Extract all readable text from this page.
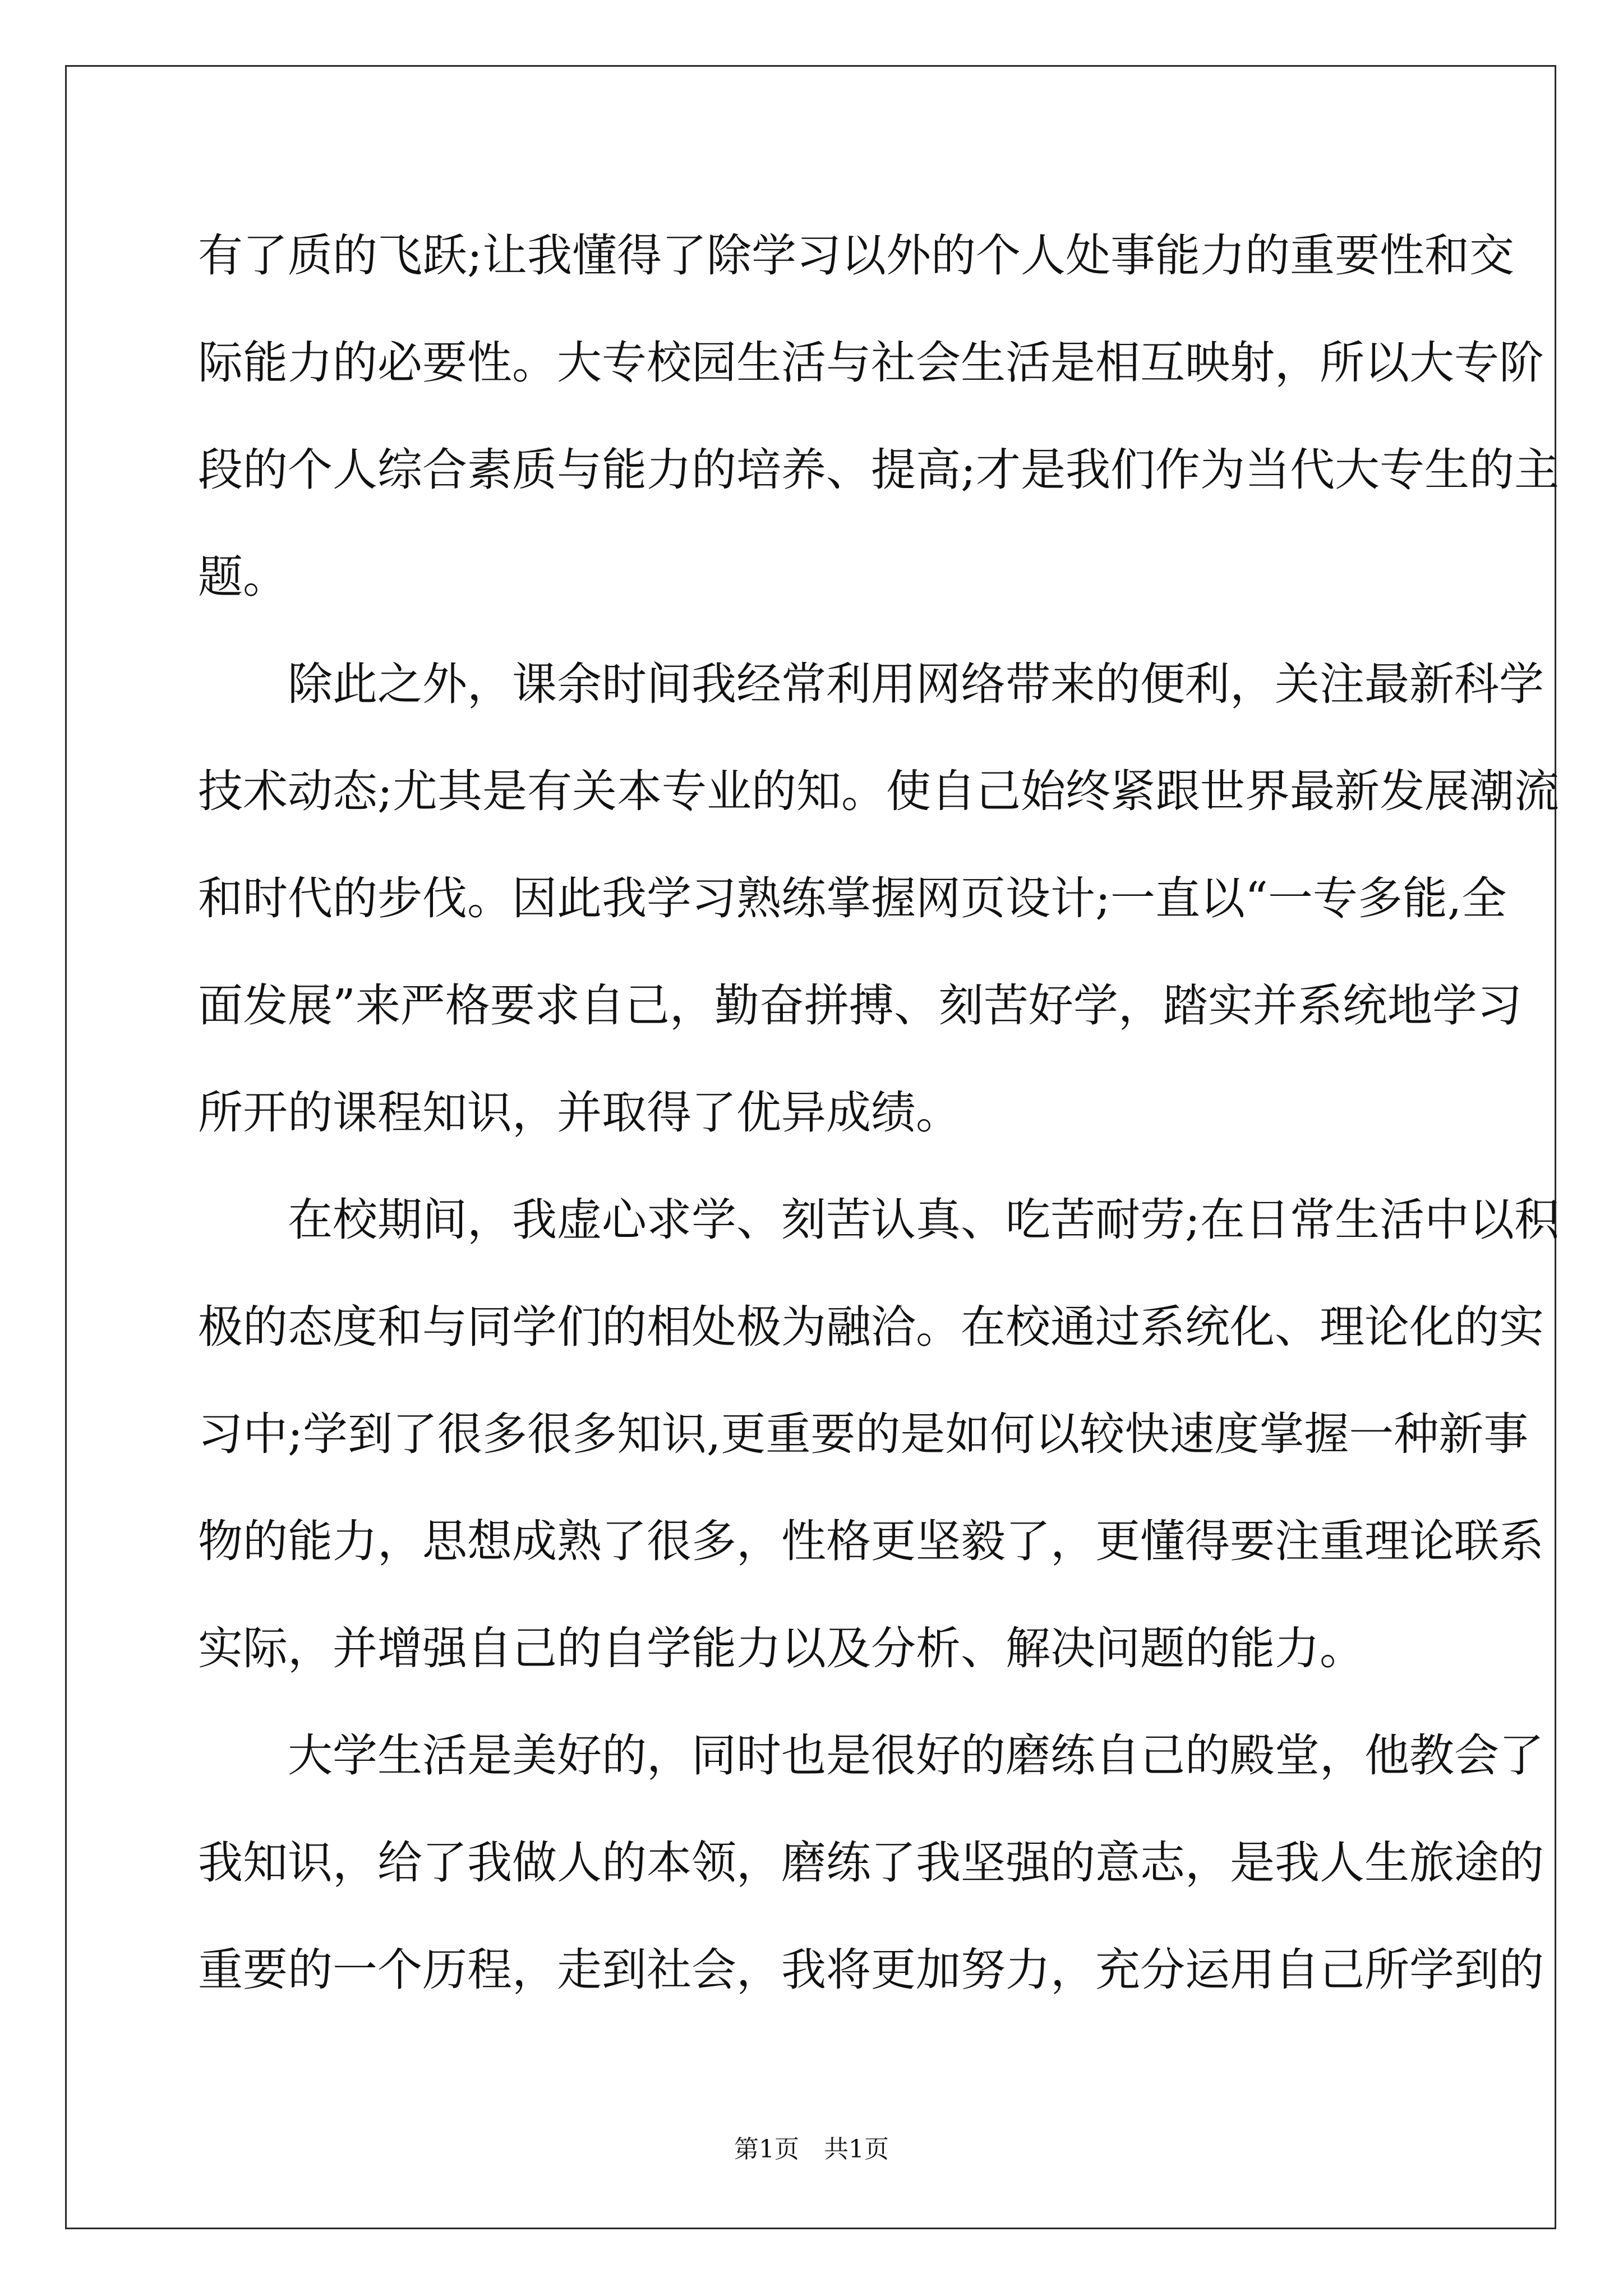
有了质的飞跃;让我懂得了除学习以外的个人处事能力的重要性和交
际能力的必要性。大专校园生活与社会生活是相互映射，所以大专阶
段的个人综合素质与能力的培养、提高;才是我们作为当代大专生的主
题。
除此之外，课余时间我经常利用网络带来的便利，关注最新科学
技术动态;尤其是有关本专业的知。使自己始终紧跟世界最新发展潮流
和时代的步伐。因此我学习熟练掌握网页设计;一直以“一专多能,全
面发展”来严格要求自己，勤奋拼搏、刻苦好学，踏实并系统地学习
所开的课程知识，并取得了优异成绩。
在校期间，我虚心求学、刻苦认真、吃苦耐劳;在日常生活中以积
极的态度和与同学们的相处极为融洽。在校通过系统化、理论化的实
习中;学到了很多很多知识,更重要的是如何以较快速度掌握一种新事
物的能力，思想成熟了很多，性格更坚毅了，更懂得要注重理论联系
实际，并增强自己的自学能力以及分析、解决问题的能力。
大学生活是美好的，同时也是很好的磨练自己的殿堂，他教会了
我知识，给了我做人的本领，磨练了我坚强的意志，是我人生旅途的
重要的一个历程，走到社会，我将更加努力，充分运用自己所学到的
第1页　共1页
